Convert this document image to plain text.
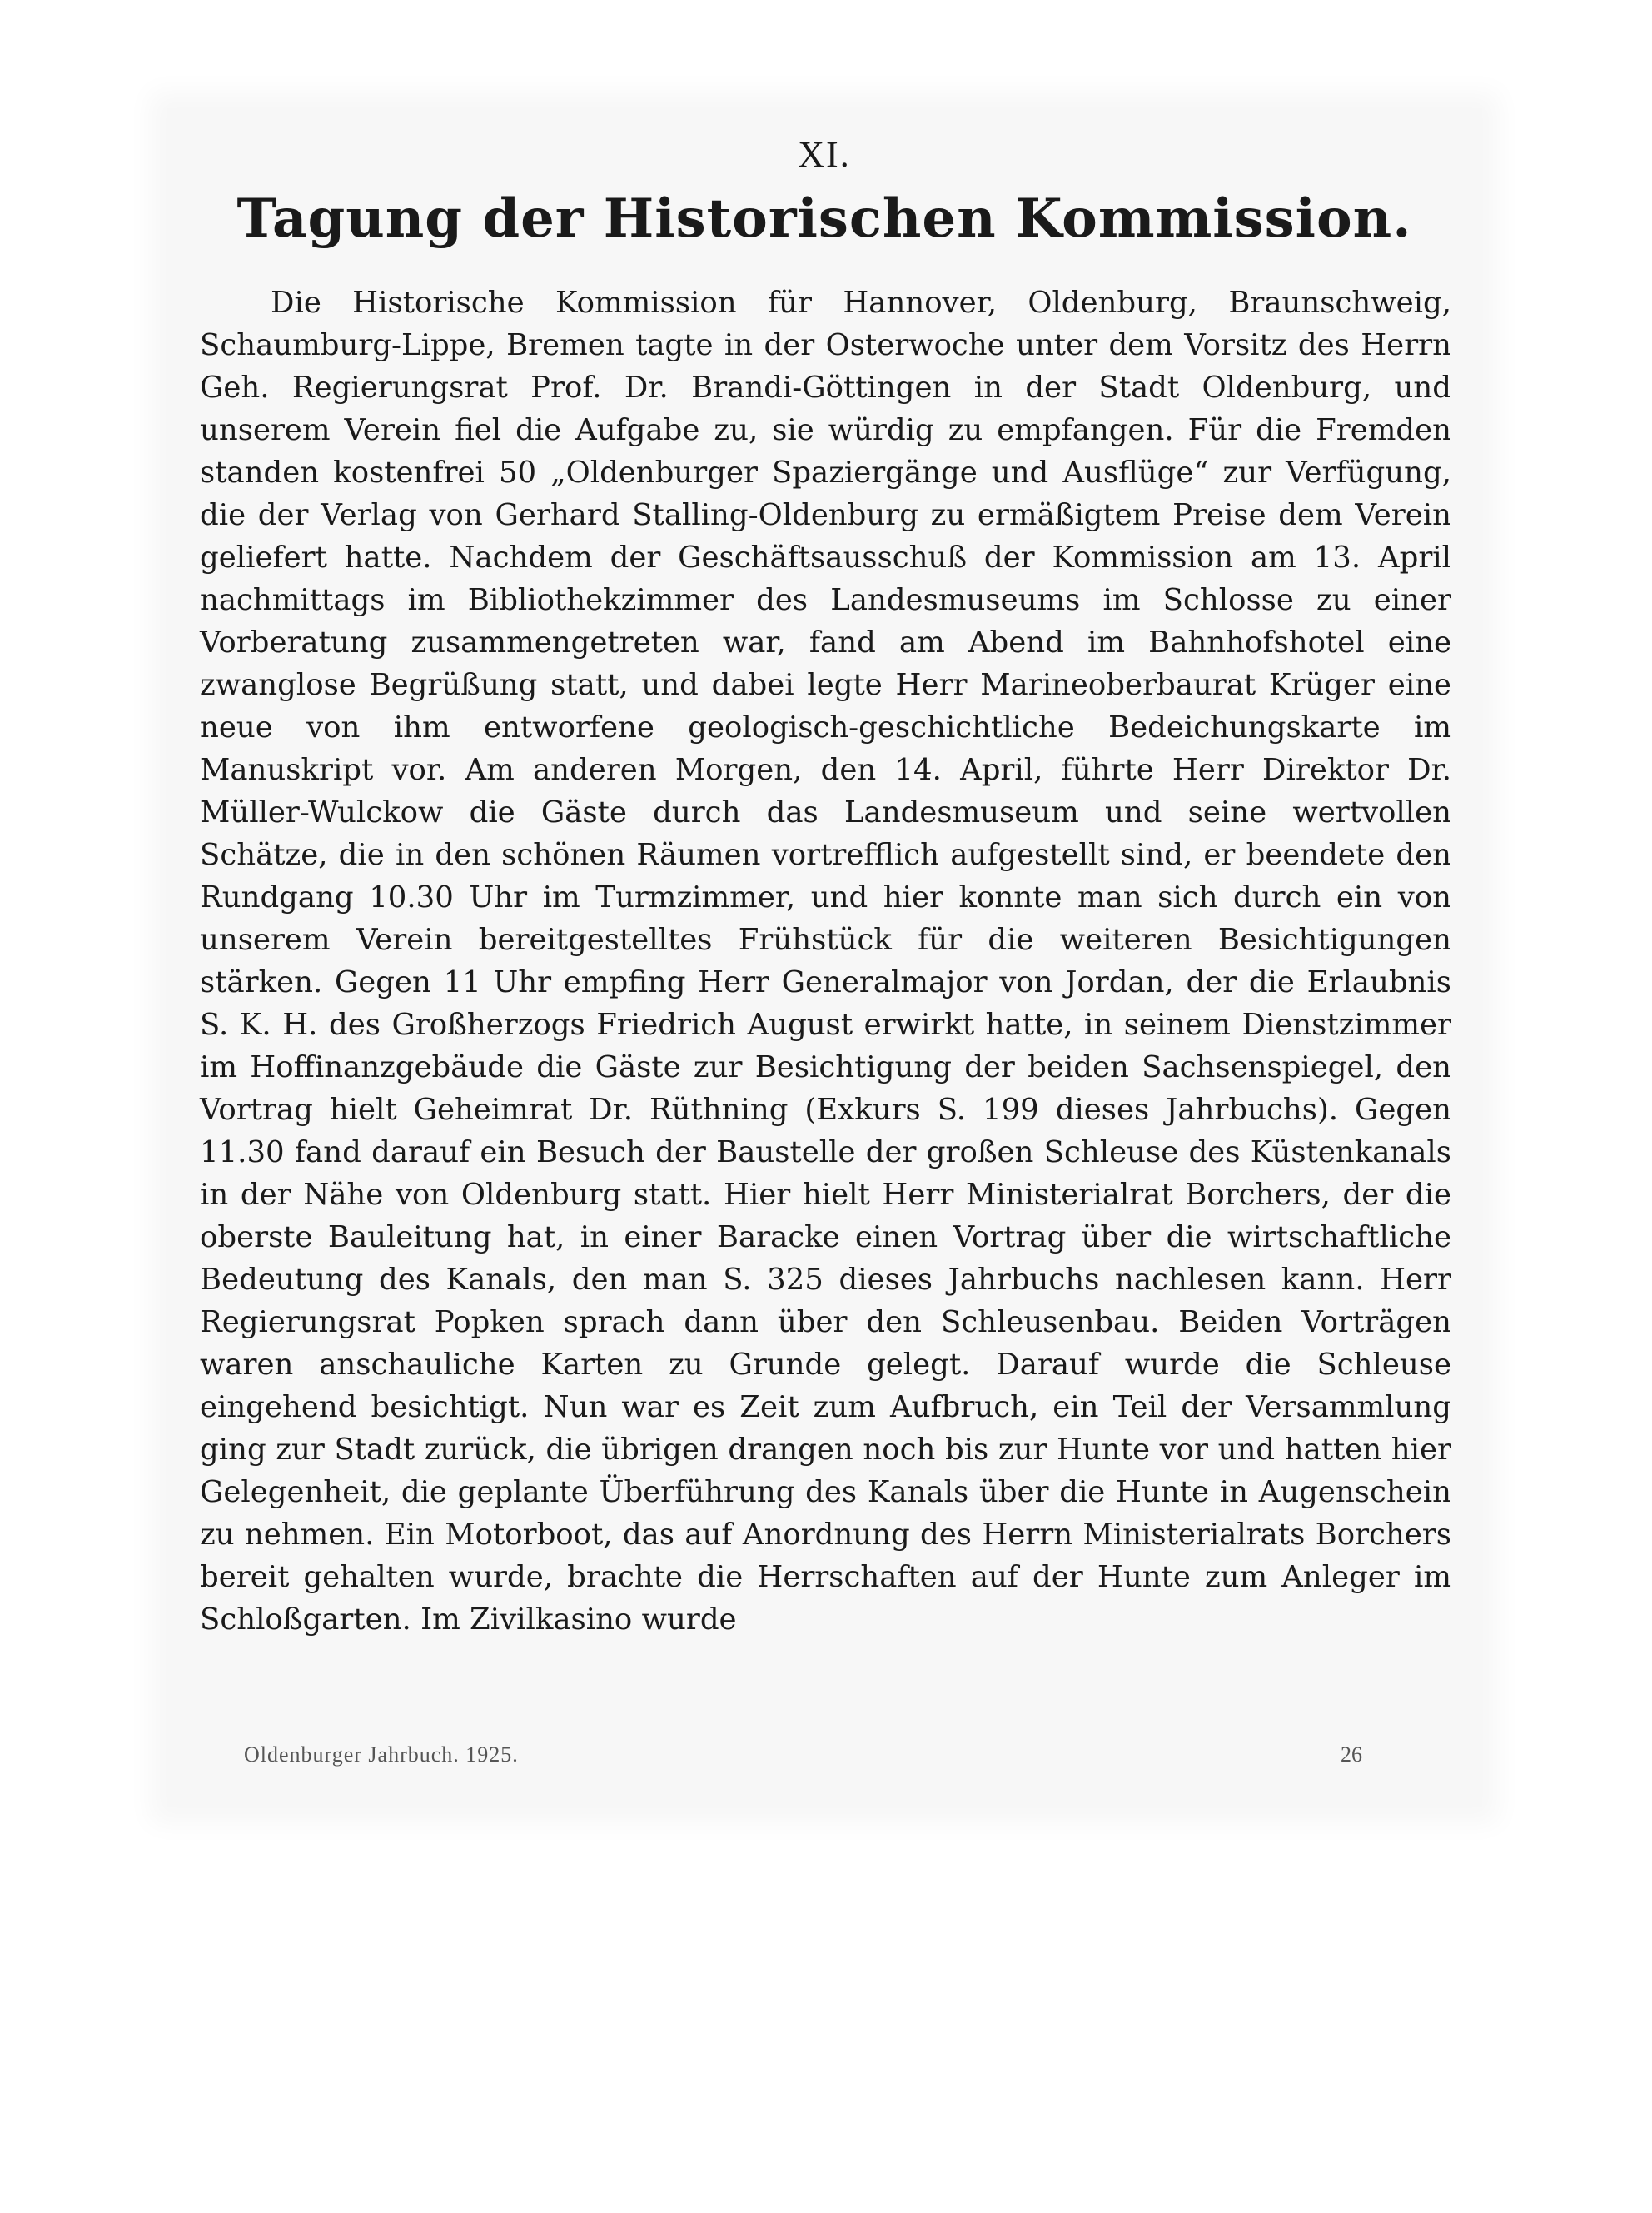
XI.
Tagung der Historischen Kommission.

Die Historische Kommission für Hannover, Oldenburg, Braunschweig, Schaumburg-Lippe, Bremen tagte in der Osterwoche unter dem Vorsitz des Herrn Geh. Regierungsrat Prof. Dr. Brandi-Göttingen in der Stadt Oldenburg, und unserem Verein fiel die Aufgabe zu, sie würdig zu empfangen. Für die Fremden standen kostenfrei 50 „Oldenburger Spaziergänge und Ausflüge“ zur Verfügung, die der Verlag von Gerhard Stalling-Oldenburg zu ermäßigtem Preise dem Verein geliefert hatte. Nachdem der Geschäftsausschuß der Kommission am 13. April nachmittags im Bibliothekzimmer des Landesmuseums im Schlosse zu einer Vorberatung zusammengetreten war, fand am Abend im Bahnhofshotel eine zwanglose Begrüßung statt, und dabei legte Herr Marineoberbaurat Krüger eine neue von ihm entworfene geologisch-geschichtliche Bedeichungskarte im Manuskript vor. Am anderen Morgen, den 14. April, führte Herr Direktor Dr. Müller-Wulckow die Gäste durch das Landesmuseum und seine wertvollen Schätze, die in den schönen Räumen vortrefflich aufgestellt sind, er beendete den Rundgang 10.30 Uhr im Turmzimmer, und hier konnte man sich durch ein von unserem Verein bereitgestelltes Frühstück für die weiteren Besichtigungen stärken. Gegen 11 Uhr empfing Herr Generalmajor von Jordan, der die Erlaubnis S. K. H. des Großherzogs Friedrich August erwirkt hatte, in seinem Dienstzimmer im Hoffinanzgebäude die Gäste zur Besichtigung der beiden Sachsenspiegel, den Vortrag hielt Geheimrat Dr. Rüthning (Exkurs S. 199 dieses Jahrbuchs). Gegen 11.30 fand darauf ein Besuch der Baustelle der großen Schleuse des Küstenkanals in der Nähe von Oldenburg statt. Hier hielt Herr Ministerialrat Borchers, der die oberste Bauleitung hat, in einer Baracke einen Vortrag über die wirtschaftliche Bedeutung des Kanals, den man S. 325 dieses Jahrbuchs nachlesen kann. Herr Regierungsrat Popken sprach dann über den Schleusenbau. Beiden Vorträgen waren anschauliche Karten zu Grunde gelegt. Darauf wurde die Schleuse eingehend besichtigt. Nun war es Zeit zum Aufbruch, ein Teil der Versammlung ging zur Stadt zurück, die übrigen drangen noch bis zur Hunte vor und hatten hier Gelegenheit, die geplante Überführung des Kanals über die Hunte in Augenschein zu nehmen. Ein Motorboot, das auf Anordnung des Herrn Ministerialrats Borchers bereit gehalten wurde, brachte die Herrschaften auf der Hunte zum Anleger im Schloßgarten. Im Zivilkasino wurde

Oldenburger Jahrbuch. 1925.	26
